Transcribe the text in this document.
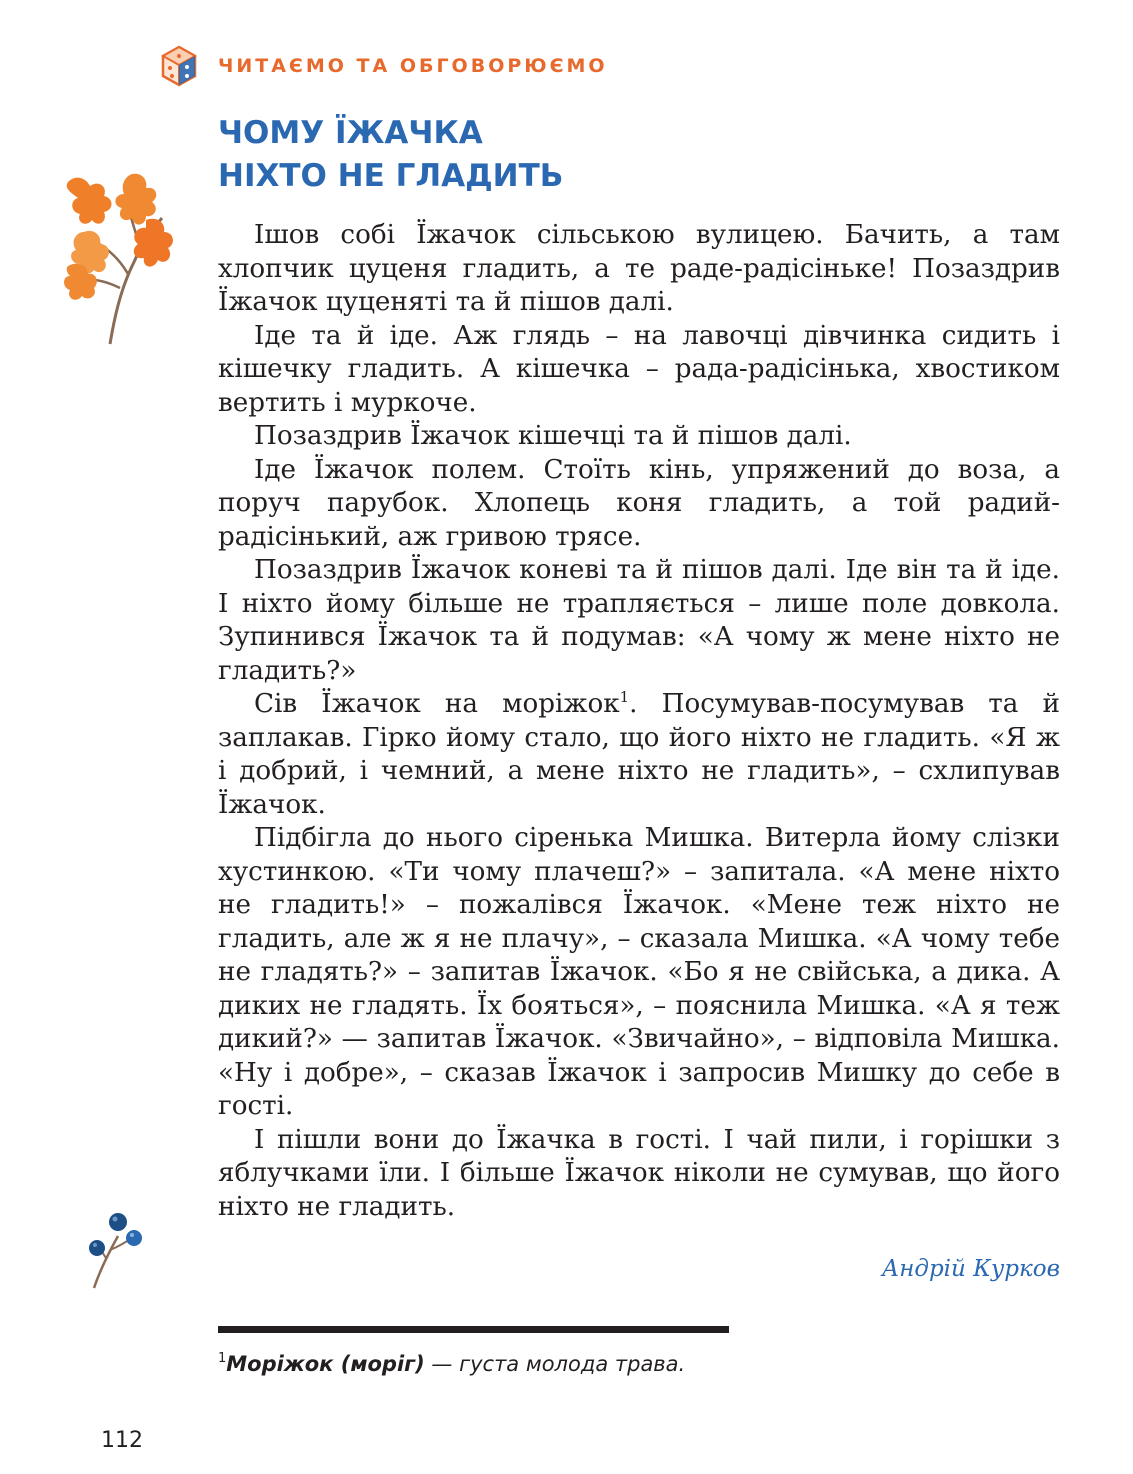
ЧИТАЄМО ТА ОБГОВОРЮЄМО
ЧОМУ ЇЖАЧКА
НІХТО НЕ ГЛАДИТЬ

Ішов собі Їжачок сільською вулицею. Бачить, а там хлопчик цуценя гладить, а те раде-радісіньке! Позаздрив Їжачок цуценяті та й пішов далі.

Іде та й іде. Аж глядь – на лавочці дівчинка сидить і кішечку гладить. А кішечка – рада-радісінька, хвостиком вертить і муркоче.

Позаздрив Їжачок кішечці та й пішов далі.

Іде Їжачок полем. Стоїть кінь, упряжений до воза, а поруч парубок. Хлопець коня гладить, а той радий-радісінький, аж гривою трясе.

Позаздрив Їжачок коневі та й пішов далі. Іде він та й іде. І ніхто йому більше не трапляється – лише поле довкола. Зупинився Їжачок та й подумав: «А чому ж мене ніхто не гладить?»

Сів Їжачок на моріжок$^1$. Посумував-посумував та й заплакав. Гірко йому стало, що його ніхто не гладить. «Я ж і добрий, і чемний, а мене ніхто не гладить», – схлипував Їжачок.

Підбігла до нього сіренька Мишка. Витерла йому слізки хустинкою. «Ти чому плачеш?» – запитала. «А мене ніхто не гладить!» – пожалівся Їжачок. «Мене теж ніхто не гладить, але ж я не плачу», – сказала Мишка. «А чому тебе не гладять?» – запитав Їжачок. «Бо я не свійська, а дика. А диких не гладять. Їх бояться», – пояснила Мишка. «А я теж дикий?» — запитав Їжачок. «Звичайно», – відповіла Мишка. «Ну і добре», – сказав Їжачок і запросив Мишку до себе в гості.

І пішли вони до Їжачка в гості. І чай пили, і горішки з яблучками їли. І більше Їжачок ніколи не сумував, що його ніхто не гладить.

Андрій Курков
$^1$Моріжок (моріг) — густа молода трава.
112
